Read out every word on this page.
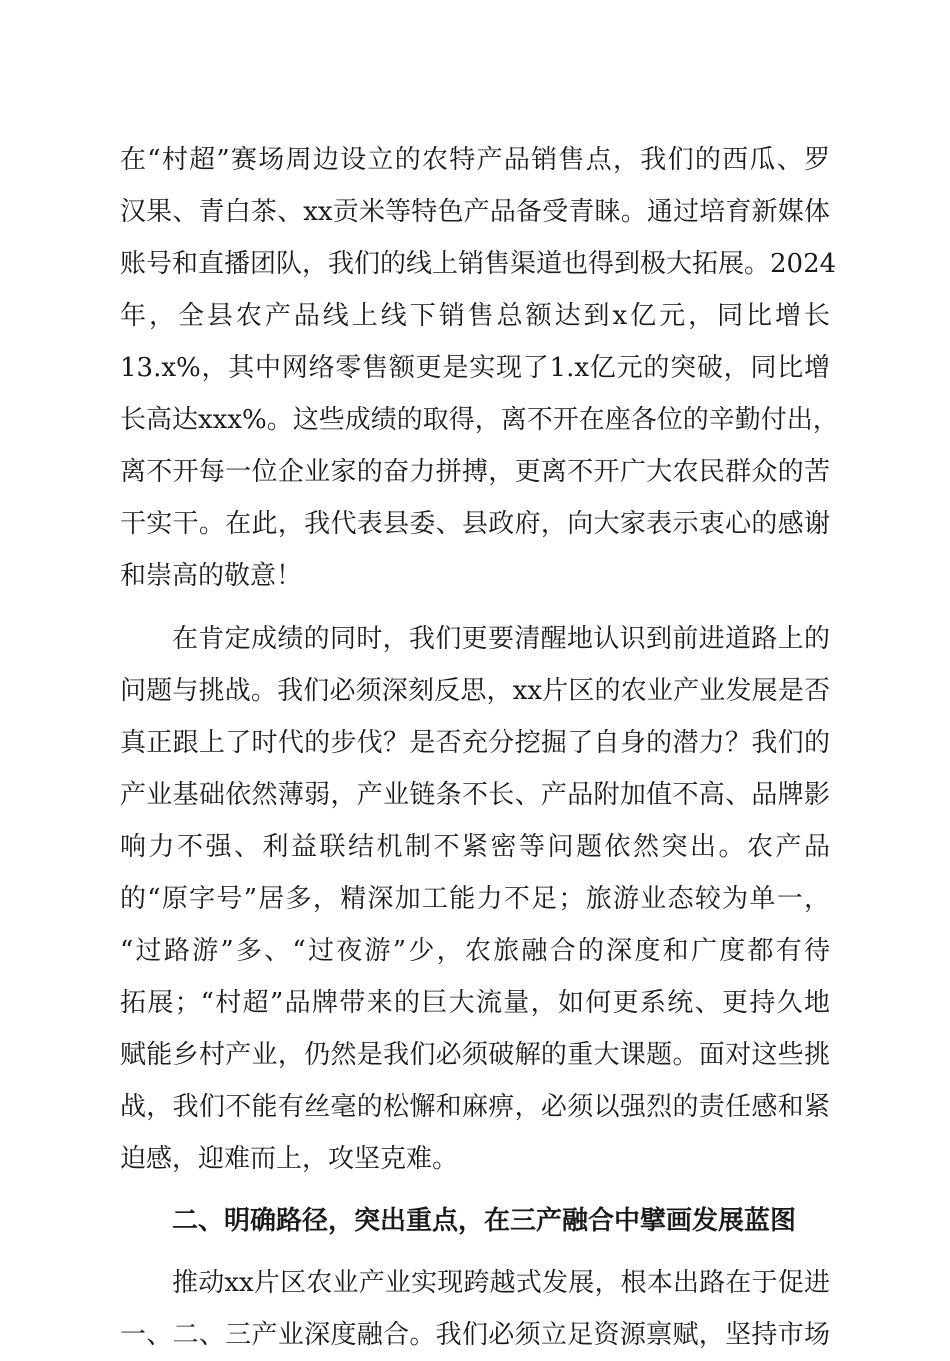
在“村超”赛场周边设立的农特产品销售点，我们的西瓜、罗
汉果、青白茶、xx贡米等特色产品备受青睐。通过培育新媒体
账号和直播团队，我们的线上销售渠道也得到极大拓展。2024
年，全县农产品线上线下销售总额达到x亿元，同比增长
13.x%，其中网络零售额更是实现了1.x亿元的突破，同比增
长高达xxx%。这些成绩的取得，离不开在座各位的辛勤付出，
离不开每一位企业家的奋力拼搏，更离不开广大农民群众的苦
干实干。在此，我代表县委、县政府，向大家表示衷心的感谢
和崇高的敬意！
在肯定成绩的同时，我们更要清醒地认识到前进道路上的
问题与挑战。我们必须深刻反思，xx片区的农业产业发展是否
真正跟上了时代的步伐？是否充分挖掘了自身的潜力？我们的
产业基础依然薄弱，产业链条不长、产品附加值不高、品牌影
响力不强、利益联结机制不紧密等问题依然突出。农产品
的“原字号”居多，精深加工能力不足；旅游业态较为单一，
“过路游”多、“过夜游”少，农旅融合的深度和广度都有待
拓展；“村超”品牌带来的巨大流量，如何更系统、更持久地
赋能乡村产业，仍然是我们必须破解的重大课题。面对这些挑
战，我们不能有丝毫的松懈和麻痹，必须以强烈的责任感和紧
迫感，迎难而上，攻坚克难。
二、明确路径，突出重点，在三产融合中擘画发展蓝图
推动xx片区农业产业实现跨越式发展，根本出路在于促进
一、二、三产业深度融合。我们必须立足资源禀赋，坚持市场
